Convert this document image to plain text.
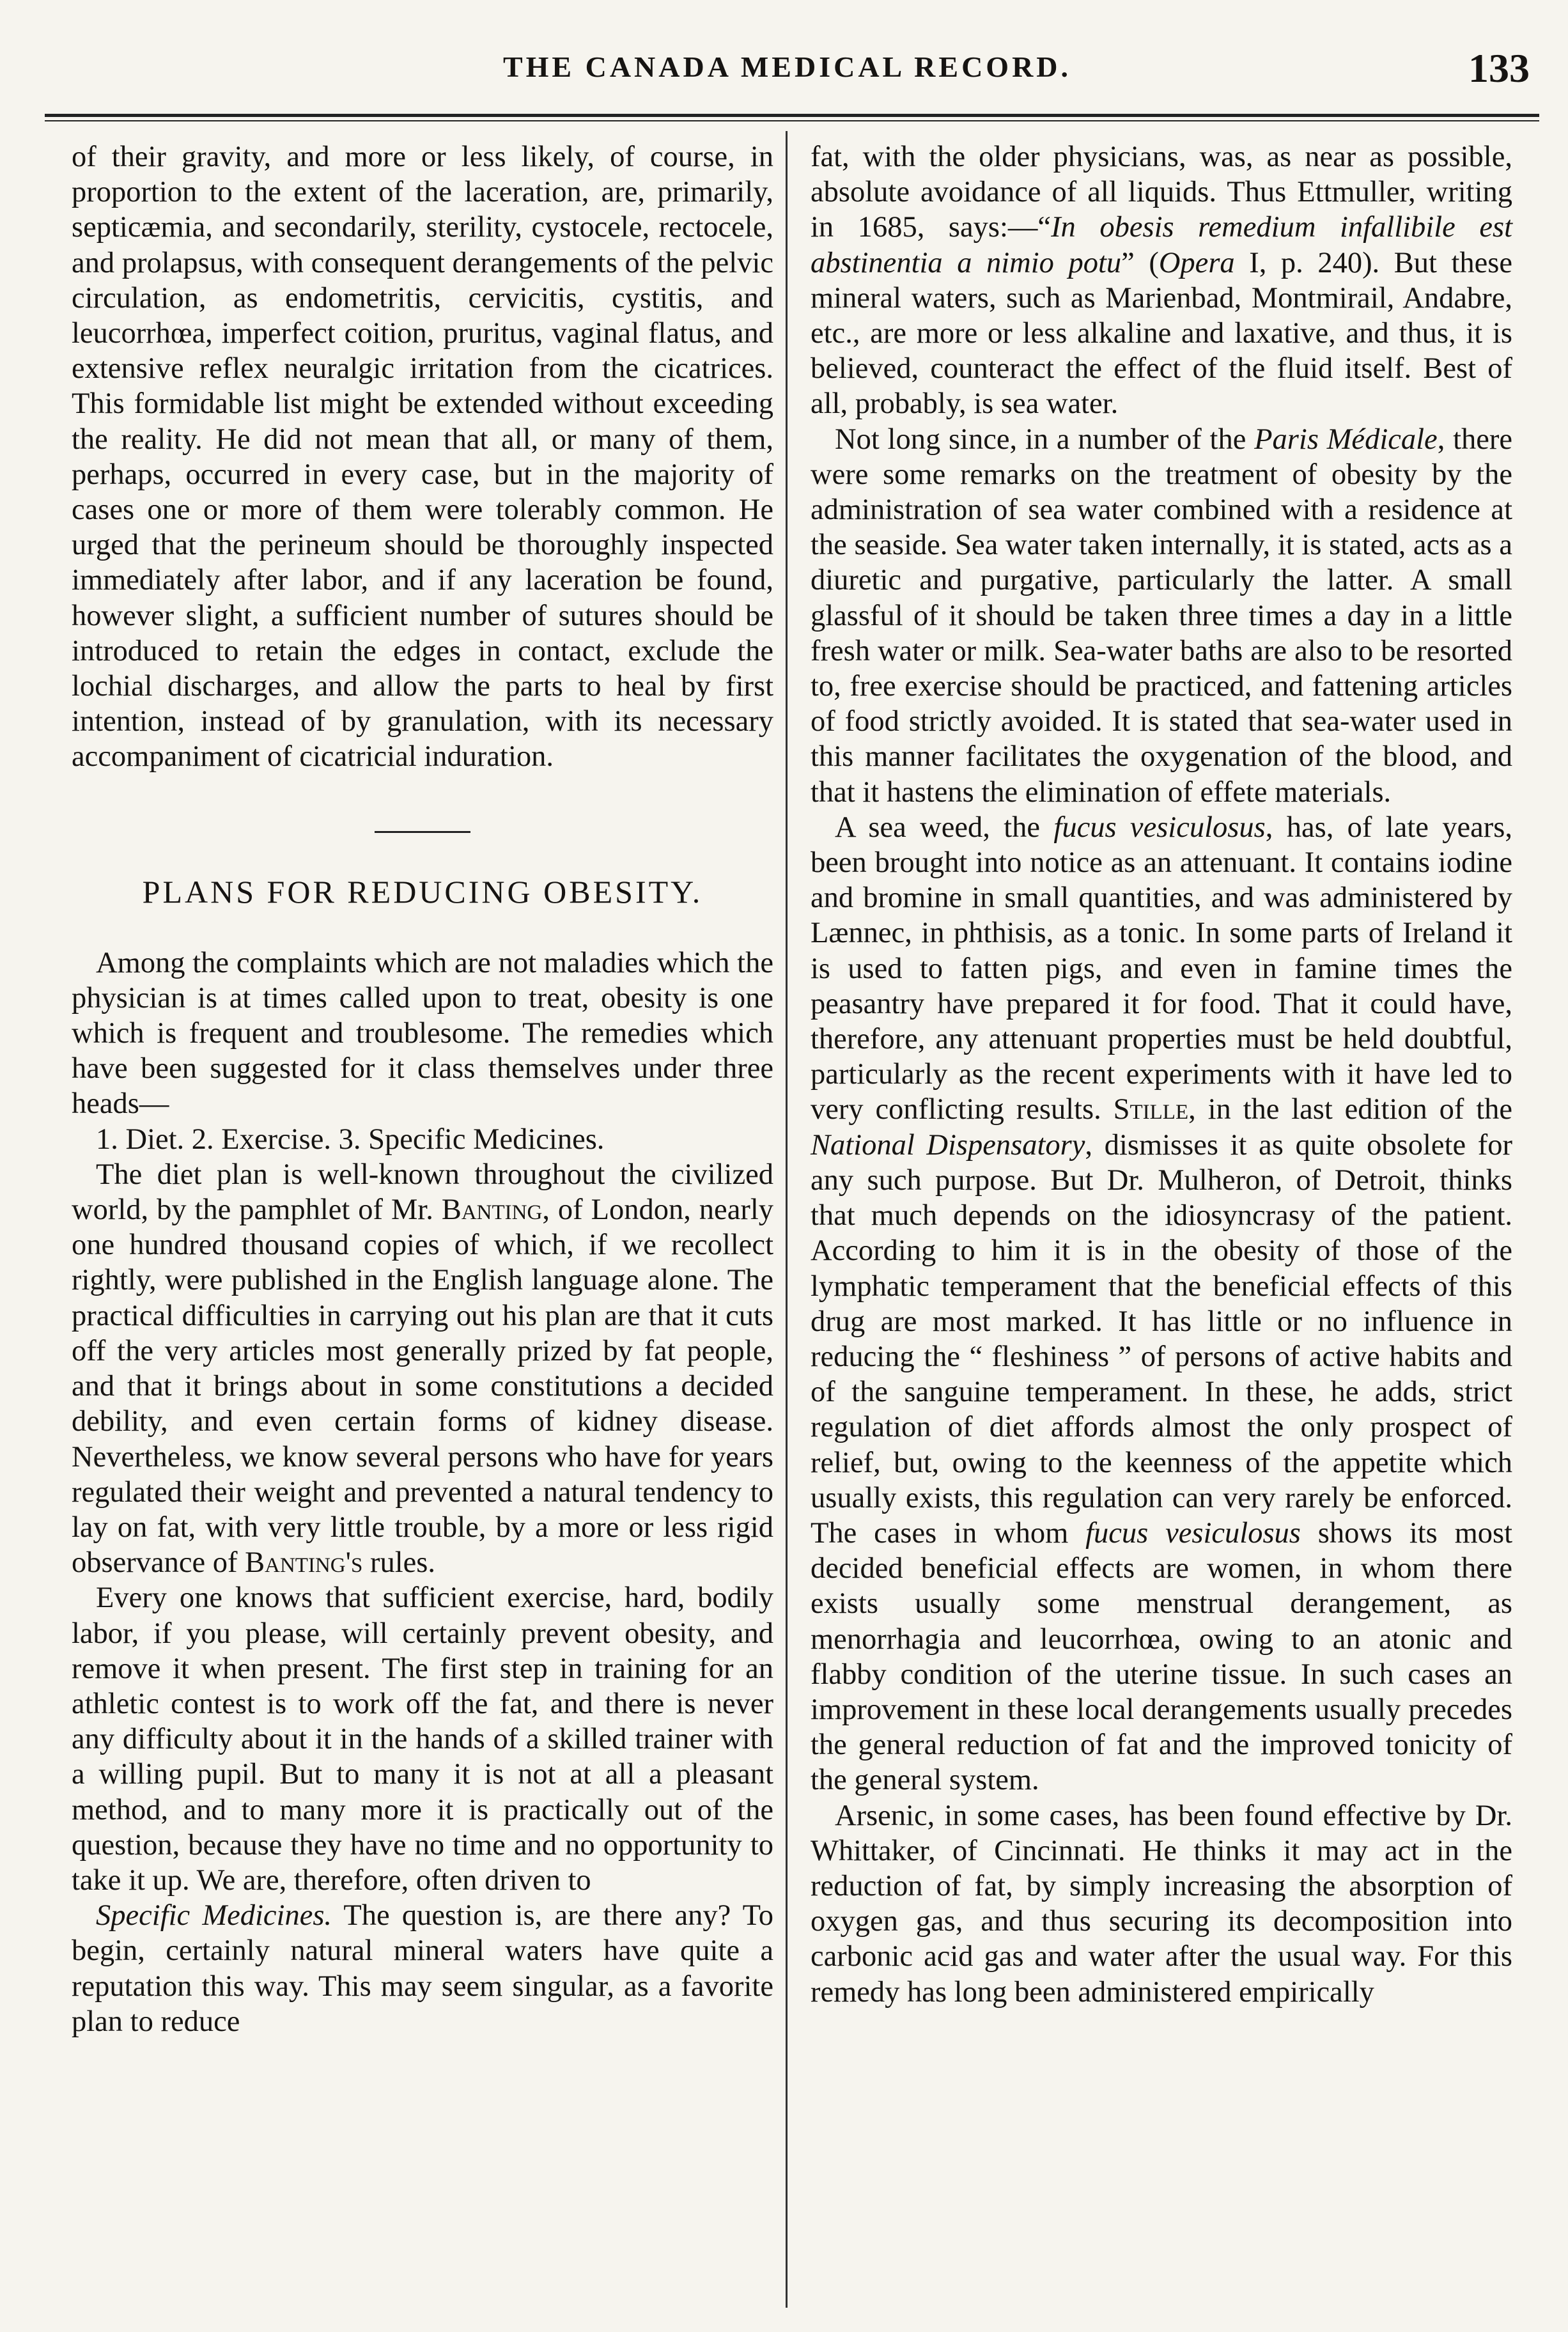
THE CANADA MEDICAL RECORD.	133

of their gravity, and more or less likely, of course, in proportion to the extent of the laceration, are, primarily, septicæmia, and secondarily, sterility, cystocele, rectocele, and prolapsus, with consequent derangements of the pelvic circulation, as endometritis, cervicitis, cystitis, and leucorrhœa, imperfect coition, pruritus, vaginal flatus, and extensive reflex neuralgic irritation from the cicatrices. This formidable list might be extended without exceeding the reality. He did not mean that all, or many of them, perhaps, occurred in every case, but in the majority of cases one or more of them were tolerably common. He urged that the perineum should be thoroughly inspected immediately after labor, and if any laceration be found, however slight, a sufficient number of sutures should be introduced to retain the edges in contact, exclude the lochial discharges, and allow the parts to heal by first intention, instead of by granulation, with its necessary accompaniment of cicatricial induration.

PLANS FOR REDUCING OBESITY.

Among the complaints which are not maladies which the physician is at times called upon to treat, obesity is one which is frequent and troublesome. The remedies which have been suggested for it class themselves under three heads—

1. Diet. 2. Exercise. 3. Specific Medicines.

The diet plan is well-known throughout the civilized world, by the pamphlet of Mr. Banting, of London, nearly one hundred thousand copies of which, if we recollect rightly, were published in the English language alone. The practical difficulties in carrying out his plan are that it cuts off the very articles most generally prized by fat people, and that it brings about in some constitutions a decided debility, and even certain forms of kidney disease. Nevertheless, we know several persons who have for years regulated their weight and prevented a natural tendency to lay on fat, with very little trouble, by a more or less rigid observance of Banting's rules.

Every one knows that sufficient exercise, hard, bodily labor, if you please, will certainly prevent obesity, and remove it when present. The first step in training for an athletic contest is to work off the fat, and there is never any difficulty about it in the hands of a skilled trainer with a willing pupil. But to many it is not at all a pleasant method, and to many more it is practically out of the question, because they have no time and no opportunity to take it up. We are, therefore, often driven to

Specific Medicines. The question is, are there any? To begin, certainly natural mineral waters have quite a reputation this way. This may seem singular, as a favorite plan to reduce

fat, with the older physicians, was, as near as possible, absolute avoidance of all liquids. Thus Ettmuller, writing in 1685, says:—“In obesis remedium infallibile est abstinentia a nimio potu” (Opera I, p. 240). But these mineral waters, such as Marienbad, Montmirail, Andabre, etc., are more or less alkaline and laxative, and thus, it is believed, counteract the effect of the fluid itself. Best of all, probably, is sea water.

Not long since, in a number of the Paris Médicale, there were some remarks on the treatment of obesity by the administration of sea water combined with a residence at the seaside. Sea water taken internally, it is stated, acts as a diuretic and purgative, particularly the latter. A small glassful of it should be taken three times a day in a little fresh water or milk. Sea-water baths are also to be resorted to, free exercise should be practiced, and fattening articles of food strictly avoided. It is stated that sea-water used in this manner facilitates the oxygenation of the blood, and that it hastens the elimination of effete materials.

A sea weed, the fucus vesiculosus, has, of late years, been brought into notice as an attenuant. It contains iodine and bromine in small quantities, and was administered by Lænnec, in phthisis, as a tonic. In some parts of Ireland it is used to fatten pigs, and even in famine times the peasantry have prepared it for food. That it could have, therefore, any attenuant properties must be held doubtful, particularly as the recent experiments with it have led to very conflicting results. Stille, in the last edition of the National Dispensatory, dismisses it as quite obsolete for any such purpose. But Dr. Mulheron, of Detroit, thinks that much depends on the idiosyncrasy of the patient. According to him it is in the obesity of those of the lymphatic temperament that the beneficial effects of this drug are most marked. It has little or no influence in reducing the “ fleshiness ” of persons of active habits and of the sanguine temperament. In these, he adds, strict regulation of diet affords almost the only prospect of relief, but, owing to the keenness of the appetite which usually exists, this regulation can very rarely be enforced. The cases in whom fucus vesiculosus shows its most decided beneficial effects are women, in whom there exists usually some menstrual derangement, as menorrhagia and leucorrhœa, owing to an atonic and flabby condition of the uterine tissue. In such cases an improvement in these local derangements usually precedes the general reduction of fat and the improved tonicity of the general system.

Arsenic, in some cases, has been found effective by Dr. Whittaker, of Cincinnati. He thinks it may act in the reduction of fat, by simply increasing the absorption of oxygen gas, and thus securing its decomposition into carbonic acid gas and water after the usual way. For this remedy has long been administered empirically
